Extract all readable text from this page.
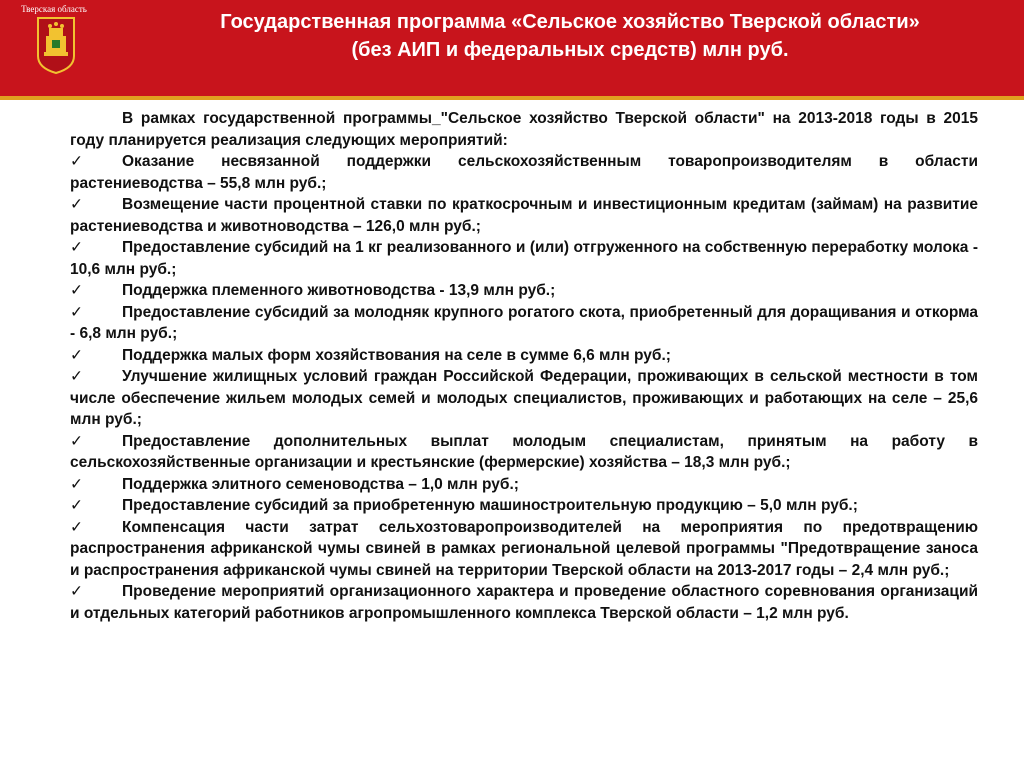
Тверская область
Государственная программа «Сельское хозяйство Тверской области»
(без АИП и федеральных средств) млн руб.
В рамках государственной программы_"Сельское хозяйство Тверской области" на 2013-2018 годы в 2015 году планируется реализация следующих мероприятий:
✓	Оказание несвязанной поддержки сельскохозяйственным товаропроизводителям в области растениеводства – 55,8 млн руб.;
✓	Возмещение части процентной ставки по краткосрочным и инвестиционным кредитам (займам) на развитие растениеводства и животноводства – 126,0 млн руб.;
✓	Предоставление субсидий на 1 кг реализованного и (или) отгруженного на собственную переработку молока - 10,6 млн руб.;
✓	Поддержка племенного животноводства - 13,9 млн руб.;
✓	Предоставление субсидий за молодняк крупного рогатого скота, приобретенный для доращивания и откорма - 6,8 млн руб.;
✓	Поддержка малых форм хозяйствования на селе в сумме 6,6 млн руб.;
✓	Улучшение жилищных условий граждан Российской Федерации, проживающих в сельской местности в том числе обеспечение жильем молодых семей и молодых специалистов, проживающих и работающих на селе – 25,6 млн руб.;
✓	Предоставление дополнительных выплат молодым специалистам, принятым на работу в сельскохозяйственные организации и крестьянские (фермерские) хозяйства – 18,3 млн руб.;
✓	Поддержка элитного семеноводства – 1,0 млн руб.;
✓	Предоставление субсидий за приобретенную машиностроительную продукцию – 5,0 млн руб.;
✓	Компенсация части затрат сельхозтоваропроизводителей на мероприятия по предотвращению распространения африканской чумы свиней в рамках региональной целевой программы "Предотвращение заноса и распространения африканской чумы свиней на территории Тверской области на 2013-2017 годы – 2,4 млн руб.;
✓	Проведение мероприятий организационного характера и проведение областного соревнования организаций и отдельных категорий работников агропромышленного комплекса Тверской области – 1,2 млн руб.
